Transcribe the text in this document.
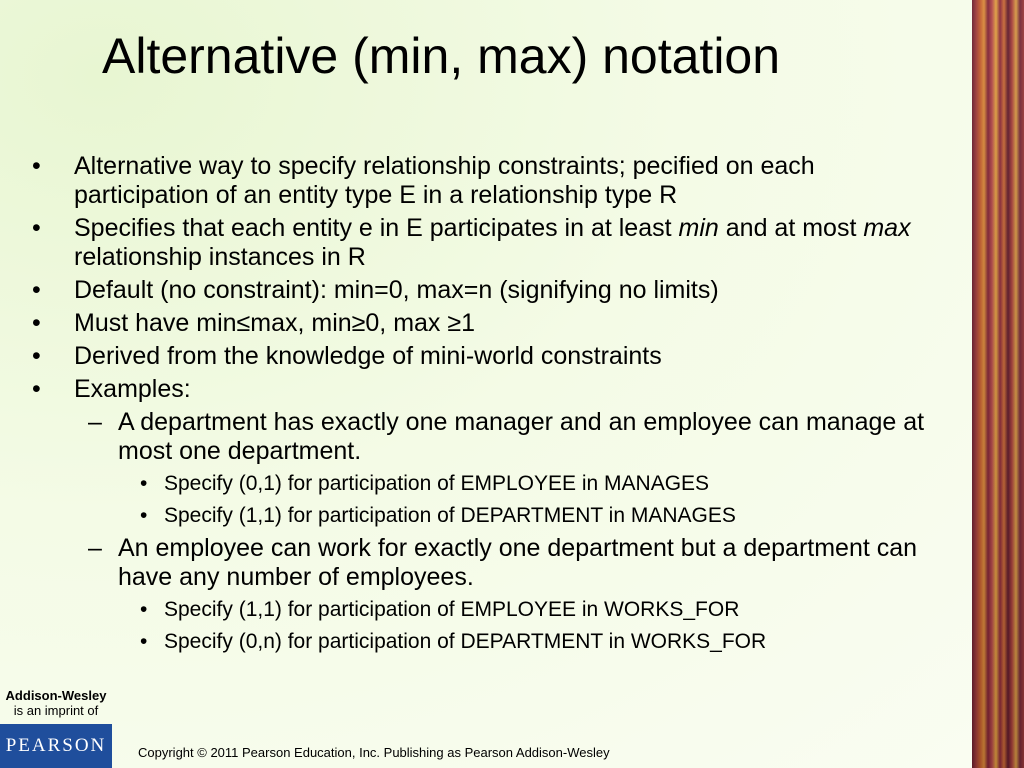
Alternative (min, max) notation
• Alternative way to specify relationship constraints; pecified on each participation of an entity type E in a relationship type R
• Specifies that each entity e in E participates in at least min and at most max relationship instances in R
• Default (no constraint): min=0, max=n (signifying no limits)
• Must have min≤max, min≥0, max ≥1
• Derived from the knowledge of mini-world constraints
• Examples:
– A department has exactly one manager and an employee can manage at most one department.
• Specify (0,1) for participation of EMPLOYEE in MANAGES
• Specify (1,1) for participation of DEPARTMENT in MANAGES
– An employee can work for exactly one department but a department can have any number of employees.
• Specify (1,1) for participation of EMPLOYEE in WORKS_FOR
• Specify (0,n) for participation of DEPARTMENT in WORKS_FOR
Addison-Wesley
is an imprint of
PEARSON	Copyright © 2011 Pearson Education, Inc. Publishing as Pearson Addison-Wesley
